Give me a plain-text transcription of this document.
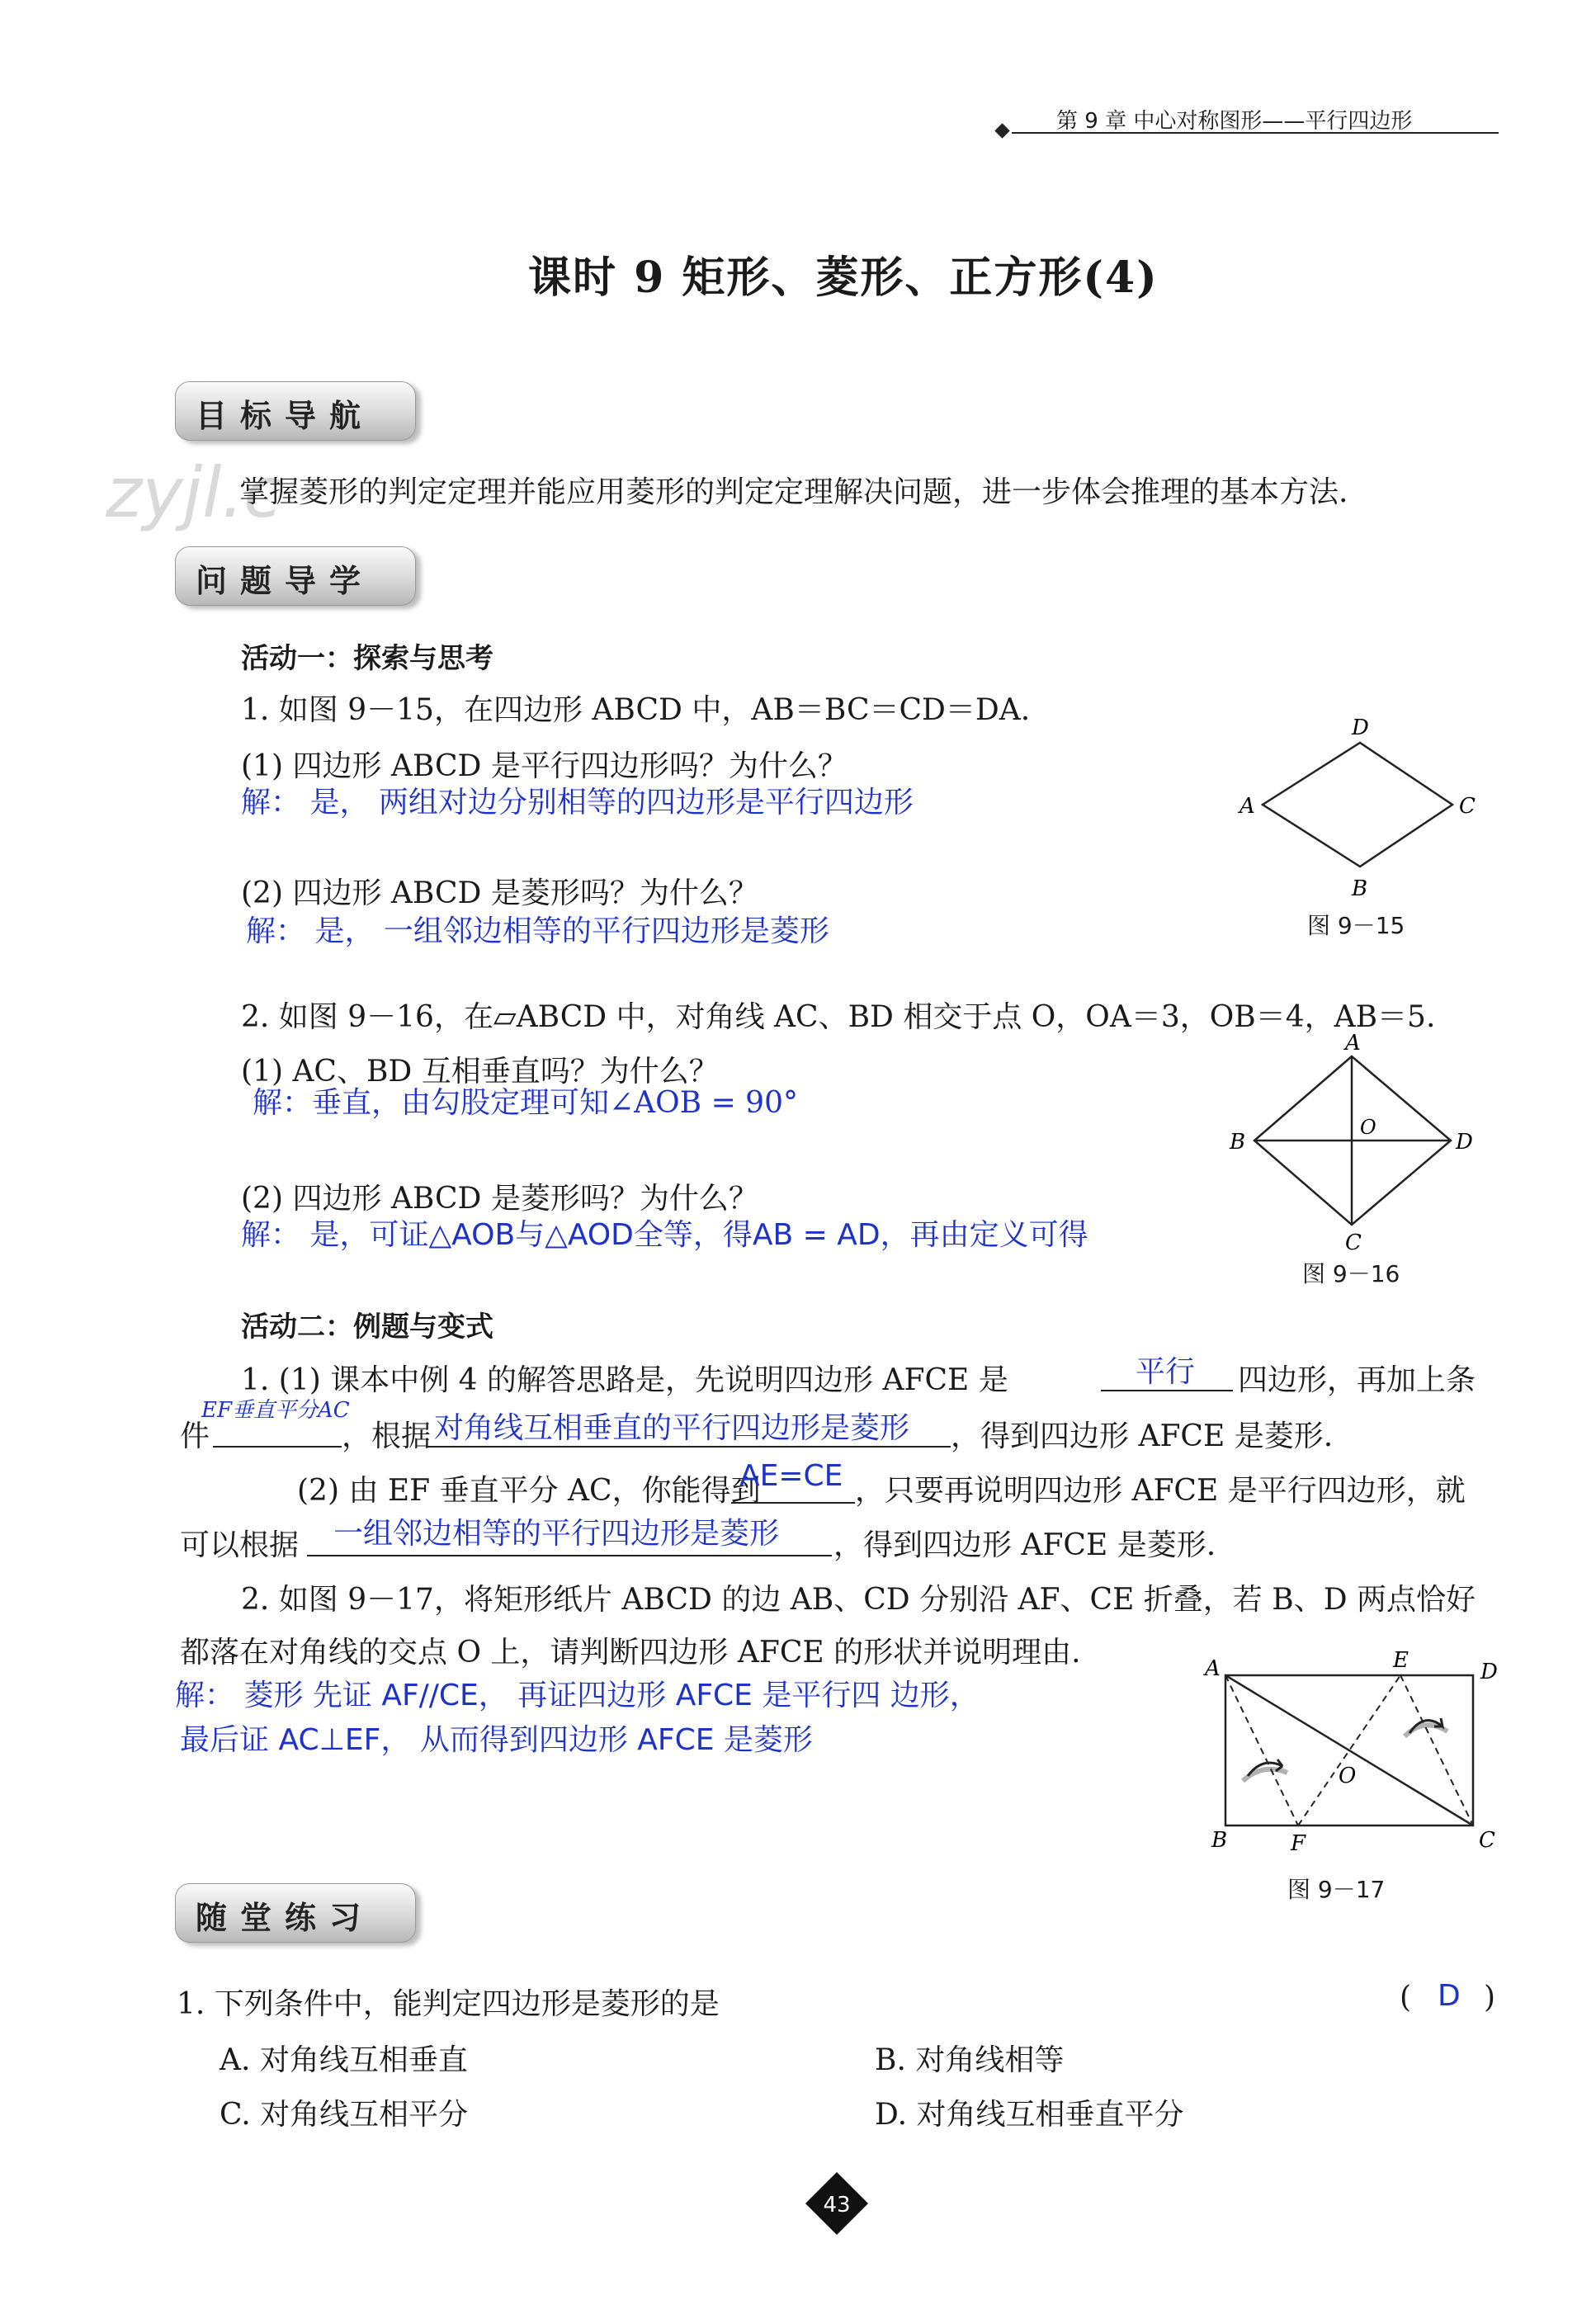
第 9 章 中心对称图形——平行四边形
zyjl.c
课时 9 矩形、菱形、正方形(4)
目标导航
掌握菱形的判定定理并能应用菱形的判定定理解决问题，进一步体会推理的基本方法.
问题导学
活动一：探索与思考
1. 如图 9－15，在四边形 ABCD 中，AB＝BC＝CD＝DA.
(1) 四边形 ABCD 是平行四边形吗？为什么？
解： 是， 两组对边分别相等的四边形是平行四边形
(2) 四边形 ABCD 是菱形吗？为什么？
解： 是， 一组邻边相等的平行四边形是菱形
A
B
C
D
图 9－15
2. 如图 9－16，在▱ABCD 中，对角线 AC、BD 相交于点 O，OA＝3，OB＝4，AB＝5.
(1) AC、BD 互相垂直吗？为什么？
解：垂直，由勾股定理可知∠AOB = 90°
(2) 四边形 ABCD 是菱形吗？为什么？
解： 是，可证△AOB与△AOD全等，得AB = AD，再由定义可得
A
B
C
D
O
图 9－16
活动二：例题与变式
1. (1) 课本中例 4 的解答思路是，先说明四边形 AFCE 是	平行 四边形，再加上条
件
EF垂直平分AC
，根据 对角线互相垂直的平行四边形是菱形 ，得到四边形 AFCE 是菱形.
(2) 由 EF 垂直平分 AC，你能得到
AE=CE ，只要再说明四边形 AFCE 是平行四边形，就
可以根据 一组邻边相等的平行四边形是菱形 ，得到四边形 AFCE 是菱形.
2. 如图 9－17，将矩形纸片 ABCD 的边 AB、CD 分别沿 AF、CE 折叠，若 B、D 两点恰好
都落在对角线的交点 O 上，请判断四边形 AFCE 的形状并说明理由.
解： 菱形 先证 AF//CE， 再证四边形 AFCE 是平行四 边形，
最后证 AC⊥EF， 从而得到四边形 AFCE 是菱形
A
B	C
D
E
F
O
图 9－17
随堂练习
1. 下列条件中，能判定四边形是菱形的是	( D )
A. 对角线互相垂直	B. 对角线相等
C. 对角线互相平分	D. 对角线互相垂直平分
43
